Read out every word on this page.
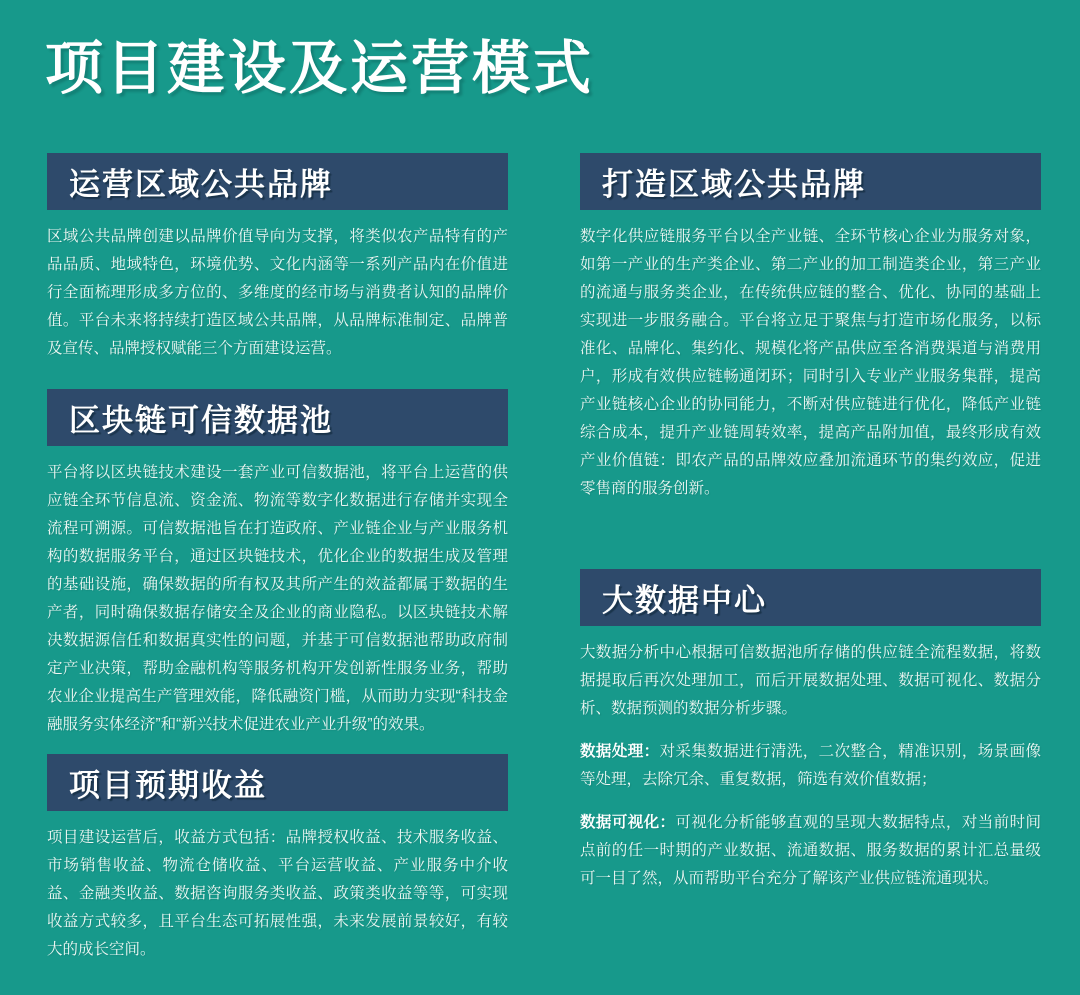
项目建设及运营模式
运营区域公共品牌

区域公共品牌创建以品牌价值导向为支撑，将类似农产品特有的产品品质、地域特色，环境优势、文化内涵等一系列产品内在价值进行全面梳理形成多方位的、多维度的经市场与消费者认知的品牌价值。平台未来将持续打造区域公共品牌，从品牌标准制定、品牌普及宣传、品牌授权赋能三个方面建设运营。

区块链可信数据池

平台将以区块链技术建设一套产业可信数据池，将平台上运营的供应链全环节信息流、资金流、物流等数字化数据进行存储并实现全流程可溯源。可信数据池旨在打造政府、产业链企业与产业服务机构的数据服务平台，通过区块链技术，优化企业的数据生成及管理的基础设施，确保数据的所有权及其所产生的效益都属于数据的生产者，同时确保数据存储安全及企业的商业隐私。以区块链技术解决数据源信任和数据真实性的问题，并基于可信数据池帮助政府制定产业决策，帮助金融机构等服务机构开发创新性服务业务，帮助农业企业提高生产管理效能，降低融资门槛，从而助力实现“科技金融服务实体经济”和“新兴技术促进农业产业升级”的效果。

项目预期收益

项目建设运营后，收益方式包括：品牌授权收益、技术服务收益、市场销售收益、物流仓储收益、平台运营收益、产业服务中介收益、金融类收益、数据咨询服务类收益、政策类收益等等，可实现收益方式较多，且平台生态可拓展性强，未来发展前景较好，有较大的成长空间。

打造区域公共品牌

数字化供应链服务平台以全产业链、全环节核心企业为服务对象，如第一产业的生产类企业、第二产业的加工制造类企业，第三产业的流通与服务类企业，在传统供应链的整合、优化、协同的基础上实现进一步服务融合。平台将立足于聚焦与打造市场化服务，以标准化、品牌化、集约化、规模化将产品供应至各消费渠道与消费用户，形成有效供应链畅通闭环；同时引入专业产业服务集群，提高产业链核心企业的协同能力，不断对供应链进行优化，降低产业链综合成本，提升产业链周转效率，提高产品附加值，最终形成有效产业价值链：即农产品的品牌效应叠加流通环节的集约效应，促进零售商的服务创新。

大数据中心

大数据分析中心根据可信数据池所存储的供应链全流程数据，将数据提取后再次处理加工，而后开展数据处理、数据可视化、数据分析、数据预测的数据分析步骤。

数据处理：对采集数据进行清洗，二次整合，精准识别，场景画像等处理，去除冗余、重复数据，筛选有效价值数据；

数据可视化：可视化分析能够直观的呈现大数据特点，对当前时间点前的任一时期的产业数据、流通数据、服务数据的累计汇总量级可一目了然，从而帮助平台充分了解该产业供应链流通现状。
